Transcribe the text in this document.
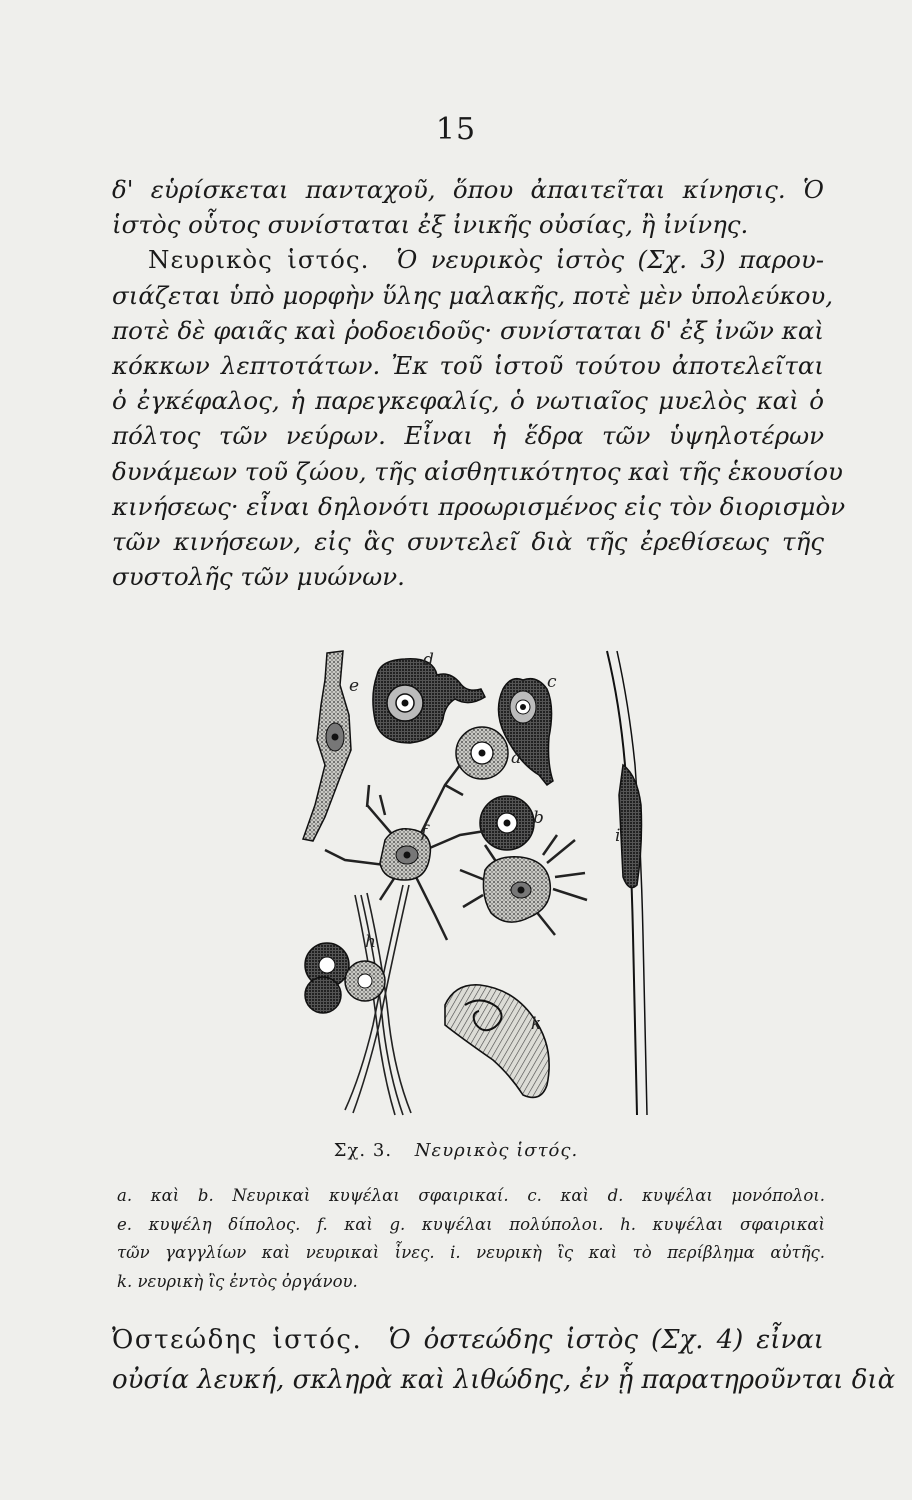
15

δ' εὑρίσκεται πανταχοῦ, ὅπου ἀπαιτεῖται κίνησις. Ὁ
ἱστὸς οὗτος συνίσταται ἐξ ἰνικῆς οὐσίας, ἢ ἰνίνης.

Νευρικὸς ἱστός. Ὁ νευρικὸς ἱστὸς (Σχ. 3) παρου-
σιάζεται ὑπὸ μορφὴν ὕλης μαλακῆς, ποτὲ μὲν ὑπολεύκου,
ποτὲ δὲ φαιᾶς καὶ ῥοδοειδοῦς· συνίσταται δ' ἐξ ἰνῶν καὶ
κόκκων λεπτοτάτων. Ἐκ τοῦ ἱστοῦ τούτου ἀποτελεῖται
ὁ ἐγκέφαλος, ἡ παρεγκεφαλίς, ὁ νωτιαῖος μυελὸς καὶ ὁ
πόλτος τῶν νεύρων. Εἶναι ἡ ἕδρα τῶν ὑψηλοτέρων
δυνάμεων τοῦ ζώου, τῆς αἰσθητικότητος καὶ τῆς ἑκουσίου
κινήσεως· εἶναι δηλονότι προωρισμένος εἰς τὸν διορισμὸν
τῶν κινήσεων, εἰς ἃς συντελεῖ διὰ τῆς ἐρεθίσεως τῆς
συστολῆς τῶν μυώνων.

e
d
c
a
b
f	i
h
k
Σχ. 3. Νευρικὸς ἱστός.
a. καὶ b. Νευρικαὶ κυψέλαι σφαιρικαί. c. καὶ d. κυψέλαι μονόπολοι.
e. κυψέλη δίπολος. f. καὶ g. κυψέλαι πολύπολοι. h. κυψέλαι σφαιρικαὶ
τῶν γαγγλίων καὶ νευρικαὶ ἶνες. i. νευρικὴ ἲς καὶ τὸ περίβλημα αὐτῆς.
k. νευρικὴ ἲς ἐντὸς ὀργάνου.
Ὀστεώδης ἱστός. Ὁ ὀστεώδης ἱστὸς (Σχ. 4) εἶναι
οὐσία λευκή, σκληρὰ καὶ λιθώδης, ἐν ᾗ παρατηροῦνται διὰ
